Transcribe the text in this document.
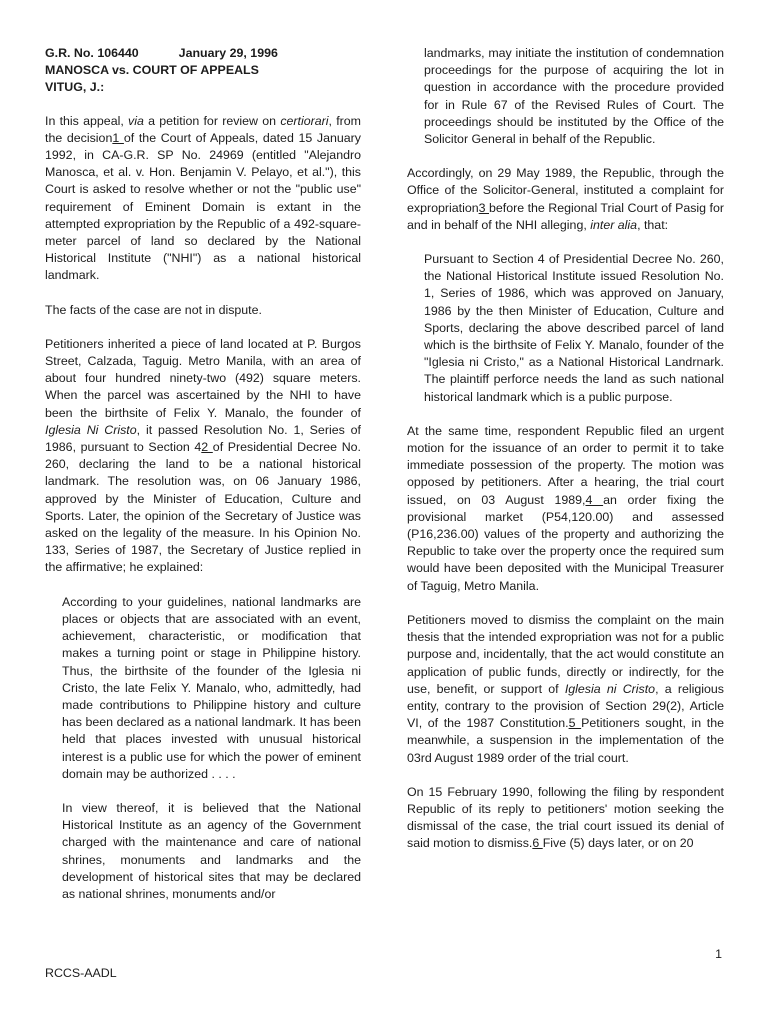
G.R. No. 106440	January 29, 1996
MANOSCA vs. COURT OF APPEALS
VITUG, J.:

In this appeal, via a petition for review on certiorari, from the decision1 of the Court of Appeals, dated 15 January 1992, in CA-G.R. SP No. 24969 (entitled "Alejandro Manosca, et al. v. Hon. Benjamin V. Pelayo, et al."), this Court is asked to resolve whether or not the "public use" requirement of Eminent Domain is extant in the attempted expropriation by the Republic of a 492-square-meter parcel of land so declared by the National Historical Institute ("NHI") as a national historical landmark.

The facts of the case are not in dispute.

Petitioners inherited a piece of land located at P. Burgos Street, Calzada, Taguig. Metro Manila, with an area of about four hundred ninety-two (492) square meters. When the parcel was ascertained by the NHI to have been the birthsite of Felix Y. Manalo, the founder of Iglesia Ni Cristo, it passed Resolution No. 1, Series of 1986, pursuant to Section 42 of Presidential Decree No. 260, declaring the land to be a national historical landmark. The resolution was, on 06 January 1986, approved by the Minister of Education, Culture and Sports. Later, the opinion of the Secretary of Justice was asked on the legality of the measure. In his Opinion No. 133, Series of 1987, the Secretary of Justice replied in the affirmative; he explained:

According to your guidelines, national landmarks are places or objects that are associated with an event, achievement, characteristic, or modification that makes a turning point or stage in Philippine history. Thus, the birthsite of the founder of the Iglesia ni Cristo, the late Felix Y. Manalo, who, admittedly, had made contributions to Philippine history and culture has been declared as a national landmark. It has been held that places invested with unusual historical interest is a public use for which the power of eminent domain may be authorized . . . .

In view thereof, it is believed that the National Historical Institute as an agency of the Government charged with the maintenance and care of national shrines, monuments and landmarks and the development of historical sites that may be declared as national shrines, monuments and/or

landmarks, may initiate the institution of condemnation proceedings for the purpose of acquiring the lot in question in accordance with the procedure provided for in Rule 67 of the Revised Rules of Court. The proceedings should be instituted by the Office of the Solicitor General in behalf of the Republic.

Accordingly, on 29 May 1989, the Republic, through the Office of the Solicitor-General, instituted a complaint for expropriation3 before the Regional Trial Court of Pasig for and in behalf of the NHI alleging, inter alia, that:

Pursuant to Section 4 of Presidential Decree No. 260, the National Historical Institute issued Resolution No. 1, Series of 1986, which was approved on January, 1986 by the then Minister of Education, Culture and Sports, declaring the above described parcel of land which is the birthsite of Felix Y. Manalo, founder of the "Iglesia ni Cristo," as a National Historical Landrnark. The plaintiff perforce needs the land as such national historical landmark which is a public purpose.

At the same time, respondent Republic filed an urgent motion for the issuance of an order to permit it to take immediate possession of the property. The motion was opposed by petitioners. After a hearing, the trial court issued, on 03 August 1989,4 an order fixing the provisional market (P54,120.00) and assessed (P16,236.00) values of the property and authorizing the Republic to take over the property once the required sum would have been deposited with the Municipal Treasurer of Taguig, Metro Manila.

Petitioners moved to dismiss the complaint on the main thesis that the intended expropriation was not for a public purpose and, incidentally, that the act would constitute an application of public funds, directly or indirectly, for the use, benefit, or support of Iglesia ni Cristo, a religious entity, contrary to the provision of Section 29(2), Article VI, of the 1987 Constitution.5 Petitioners sought, in the meanwhile, a suspension in the implementation of the 03rd August 1989 order of the trial court.

On 15 February 1990, following the filing by respondent Republic of its reply to petitioners' motion seeking the dismissal of the case, the trial court issued its denial of said motion to dismiss.6 Five (5) days later, or on 20

1
RCCS-AADL
